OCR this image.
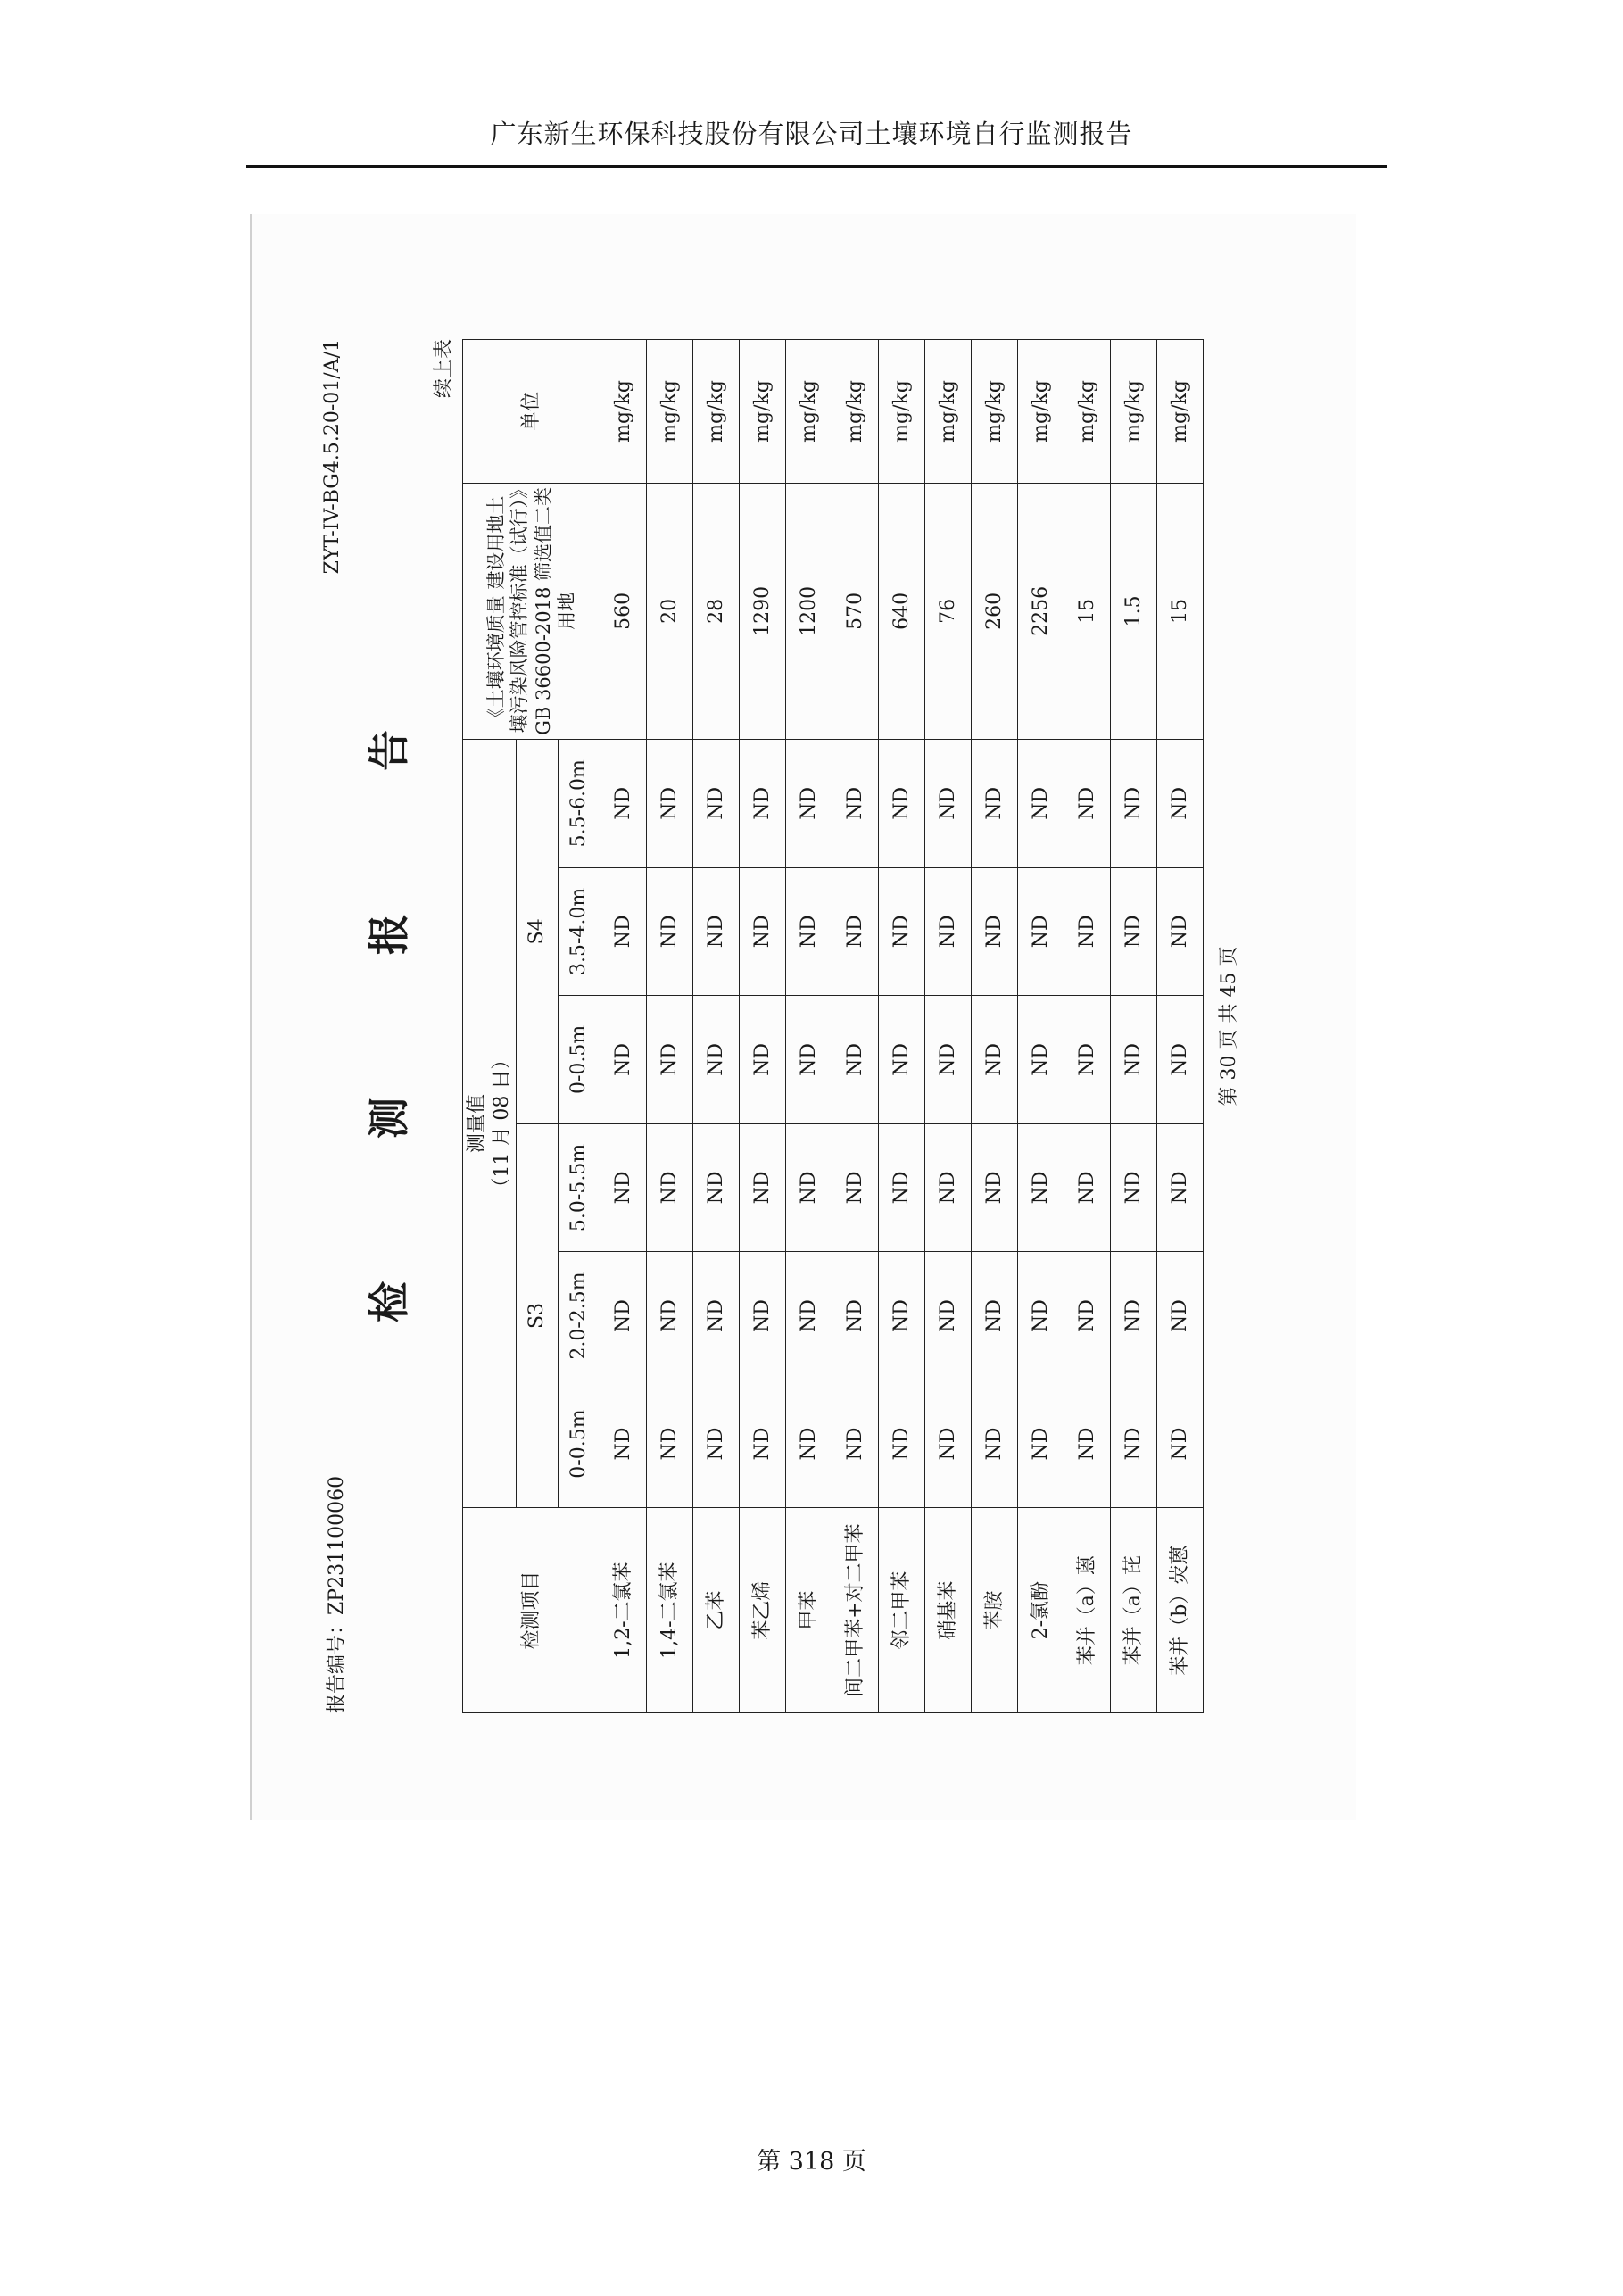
广东新生环保科技股份有限公司土壤环境自行监测报告
报告编号：ZP231100060
ZYT-IV-BG4.5.20-01/A/1
检测报告
续上表
检测项目	测量值 （11 月 08 日）						《土壤环境质量 建设用地土壤污染风险管控标准（试行）》GB 36600-2018 筛选值二类用地	单位
	S3			S4				
	0-0.5m	2.0-2.5m	5.0-5.5m	0-0.5m	3.5-4.0m	5.5-6.0m		
1,2-二氯苯	ND	ND	ND	ND	ND	ND	560	mg/kg
1,4-二氯苯	ND	ND	ND	ND	ND	ND	20	mg/kg
乙苯	ND	ND	ND	ND	ND	ND	28	mg/kg
苯乙烯	ND	ND	ND	ND	ND	ND	1290	mg/kg
甲苯	ND	ND	ND	ND	ND	ND	1200	mg/kg
间二甲苯+对二甲苯	ND	ND	ND	ND	ND	ND	570	mg/kg
邻二甲苯	ND	ND	ND	ND	ND	ND	640	mg/kg
硝基苯	ND	ND	ND	ND	ND	ND	76	mg/kg
苯胺	ND	ND	ND	ND	ND	ND	260	mg/kg
2-氯酚	ND	ND	ND	ND	ND	ND	2256	mg/kg
苯并（a）蒽	ND	ND	ND	ND	ND	ND	15	mg/kg
苯并（a）芘	ND	ND	ND	ND	ND	ND	1.5	mg/kg
苯并（b）荧蒽	ND	ND	ND	ND	ND	ND	15	mg/kg
第 30 页 共 45 页
第 318 页
